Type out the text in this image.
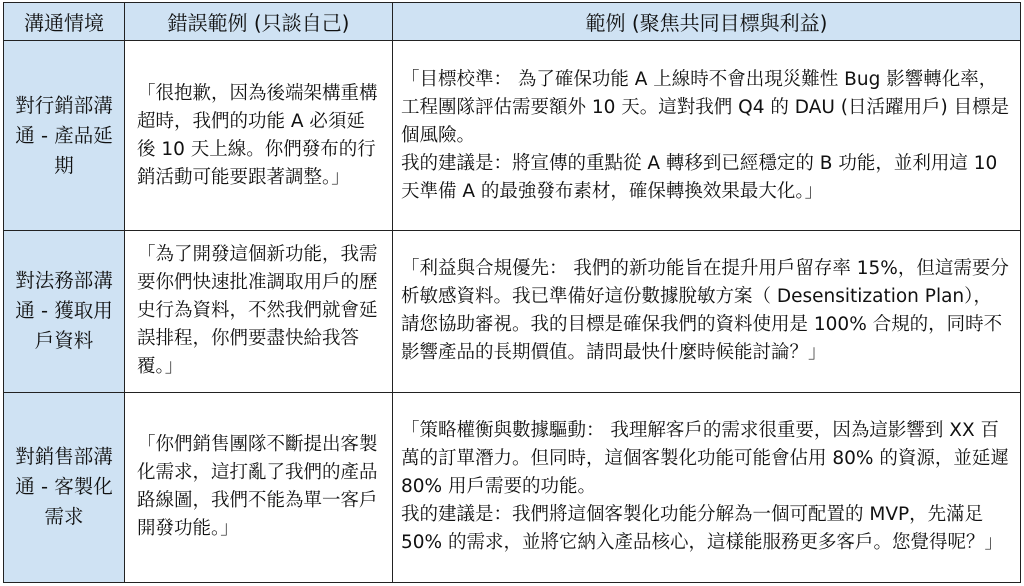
溝通情境	錯誤範例 (只談自己)	範例 (聚焦共同目標與利益)
對行銷部溝通 - 產品延期	「很抱歉，因為後端架構重構超時，我們的功能 A 必須延後 10 天上線。你們發布的行銷活動可能要跟著調整。」	「目標校準： 為了確保功能 A 上線時不會出現災難性 Bug 影響轉化率，工程團隊評估需要額外 10 天。這對我們 Q4 的 DAU (日活躍用戶) 目標是個風險。
我的建議是：將宣傳的重點從 A 轉移到已經穩定的 B 功能，並利用這 10 天準備 A 的最強發布素材，確保轉換效果最大化。」

對法務部溝通 - 獲取用戶資料	「為了開發這個新功能，我需要你們快速批准調取用戶的歷史行為資料，不然我們就會延誤排程，你們要盡快給我答覆。」	「利益與合規優先： 我們的新功能旨在提升用戶留存率 15%，但這需要分析敏感資料。我已準備好這份數據脫敏方案（ Desensitization Plan），請您協助審視。我的目標是確保我們的資料使用是 100% 合規的，同時不影響產品的長期價值。請問最快什麼時候能討論？」

對銷售部溝通 - 客製化需求	「你們銷售團隊不斷提出客製化需求，這打亂了我們的產品路線圖，我們不能為單一客戶開發功能。」	「策略權衡與數據驅動： 我理解客戶的需求很重要，因為這影響到 XX 百萬的訂單潛力。但同時，這個客製化功能可能會佔用 80% 的資源，並延遲 80% 用戶需要的功能。
我的建議是：我們將這個客製化功能分解為一個可配置的 MVP，先滿足 50% 的需求，並將它納入產品核心，這樣能服務更多客戶。您覺得呢？」
